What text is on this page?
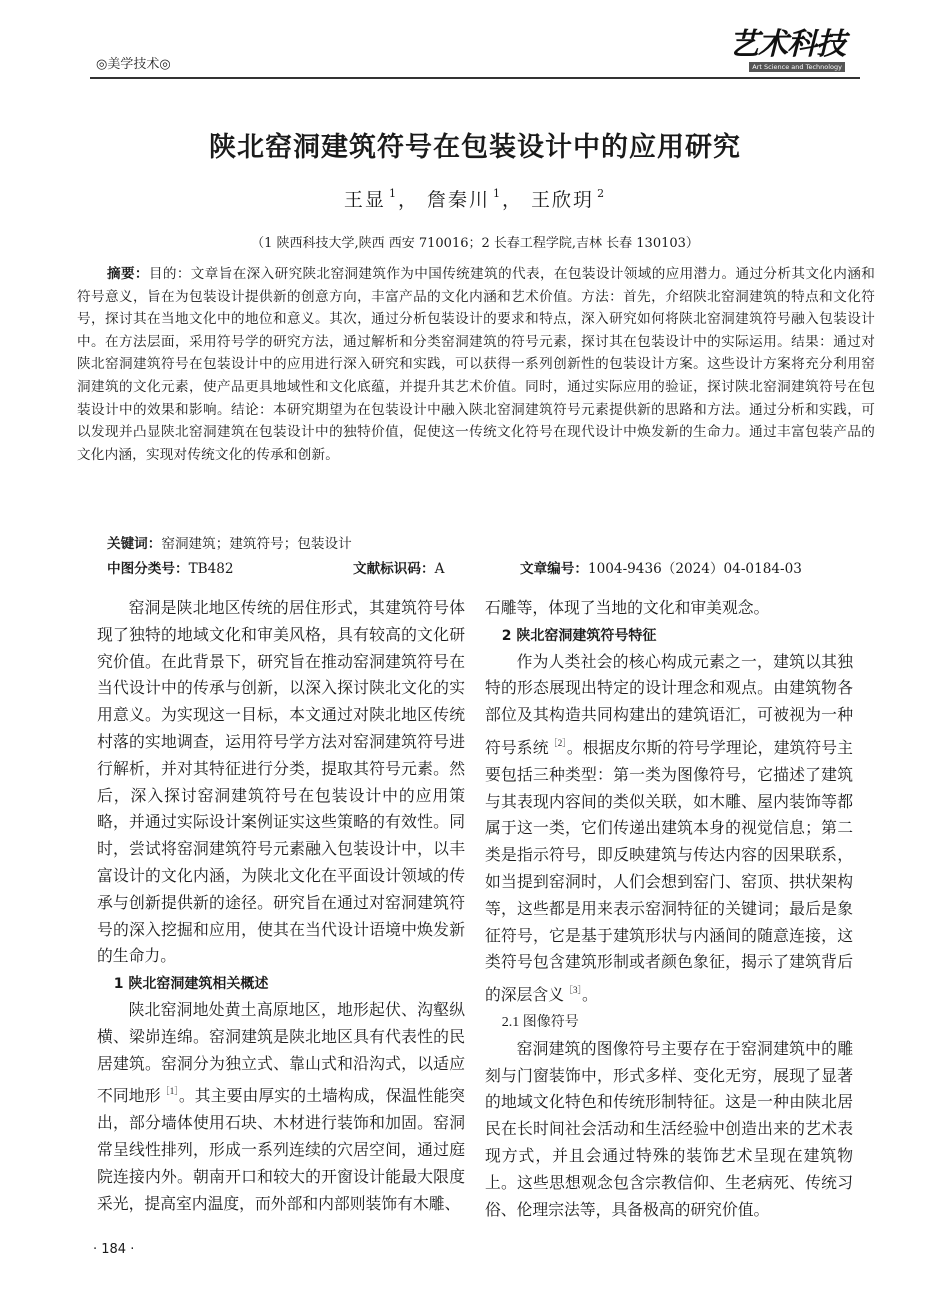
◎美学技术◎
艺术科技
Art Science and Technology
陕北窑洞建筑符号在包装设计中的应用研究
王显 $^1$ ， 詹秦川 $^1$ ， 王欣玥 $^2$
（1 陕西科技大学,陕西 西安 710016；2 长春工程学院,吉林 长春 130103）
摘要：目的：文章旨在深入研究陕北窑洞建筑作为中国传统建筑的代表，在包装设计领域的应用潜力。通过分析其文化内涵和符号意义，旨在为包装设计提供新的创意方向，丰富产品的文化内涵和艺术价值。方法：首先，介绍陕北窑洞建筑的特点和文化符号，探讨其在当地文化中的地位和意义。其次，通过分析包装设计的要求和特点，深入研究如何将陕北窑洞建筑符号融入包装设计中。在方法层面，采用符号学的研究方法，通过解析和分类窑洞建筑的符号元素，探讨其在包装设计中的实际运用。结果：通过对陕北窑洞建筑符号在包装设计中的应用进行深入研究和实践，可以获得一系列创新性的包装设计方案。这些设计方案将充分利用窑洞建筑的文化元素，使产品更具地域性和文化底蕴，并提升其艺术价值。同时，通过实际应用的验证，探讨陕北窑洞建筑符号在包装设计中的效果和影响。结论：本研究期望为在包装设计中融入陕北窑洞建筑符号元素提供新的思路和方法。通过分析和实践，可以发现并凸显陕北窑洞建筑在包装设计中的独特价值，促使这一传统文化符号在现代设计中焕发新的生命力。通过丰富包装产品的文化内涵，实现对传统文化的传承和创新。
关键词：窑洞建筑；建筑符号；包装设计
中图分类号：TB482	文献标识码：A	文章编号：1004-9436（2024）04-0184-03

窑洞是陕北地区传统的居住形式，其建筑符号体现了独特的地域文化和审美风格，具有较高的文化研究价值。在此背景下，研究旨在推动窑洞建筑符号在当代设计中的传承与创新，以深入探讨陕北文化的实用意义。为实现这一目标，本文通过对陕北地区传统村落的实地调查，运用符号学方法对窑洞建筑符号进行解析，并对其特征进行分类，提取其符号元素。然后，深入探讨窑洞建筑符号在包装设计中的应用策略，并通过实际设计案例证实这些策略的有效性。同时，尝试将窑洞建筑符号元素融入包装设计中，以丰富设计的文化内涵，为陕北文化在平面设计领域的传承与创新提供新的途径。研究旨在通过对窑洞建筑符号的深入挖掘和应用，使其在当代设计语境中焕发新的生命力。

1 陕北窑洞建筑相关概述

陕北窑洞地处黄土高原地区，地形起伏、沟壑纵横、梁峁连绵。窑洞建筑是陕北地区具有代表性的民居建筑。窑洞分为独立式、靠山式和沿沟式，以适应不同地形$^{[1]}$。其主要由厚实的土墙构成，保温性能突出，部分墙体使用石块、木材进行装饰和加固。窑洞常呈线性排列，形成一系列连续的穴居空间，通过庭院连接内外。朝南开口和较大的开窗设计能最大限度采光，提高室内温度，而外部和内部则装饰有木雕、

石雕等，体现了当地的文化和审美观念。

2 陕北窑洞建筑符号特征

作为人类社会的核心构成元素之一，建筑以其独特的形态展现出特定的设计理念和观点。由建筑物各部位及其构造共同构建出的建筑语汇，可被视为一种符号系统$^{[2]}$。根据皮尔斯的符号学理论，建筑符号主要包括三种类型：第一类为图像符号，它描述了建筑与其表现内容间的类似关联，如木雕、屋内装饰等都属于这一类，它们传递出建筑本身的视觉信息；第二类是指示符号，即反映建筑与传达内容的因果联系，如当提到窑洞时，人们会想到窑门、窑顶、拱状架构等，这些都是用来表示窑洞特征的关键词；最后是象征符号，它是基于建筑形状与内涵间的随意连接，这类符号包含建筑形制或者颜色象征，揭示了建筑背后的深层含义$^{[3]}$。

2.1 图像符号

窑洞建筑的图像符号主要存在于窑洞建筑中的雕刻与门窗装饰中，形式多样、变化无穷，展现了显著的地域文化特色和传统形制特征。这是一种由陕北居民在长时间社会活动和生活经验中创造出来的艺术表现方式，并且会通过特殊的装饰艺术呈现在建筑物上。这些思想观念包含宗教信仰、生老病死、传统习俗、伦理宗法等，具备极高的研究价值。

· 184 ·
